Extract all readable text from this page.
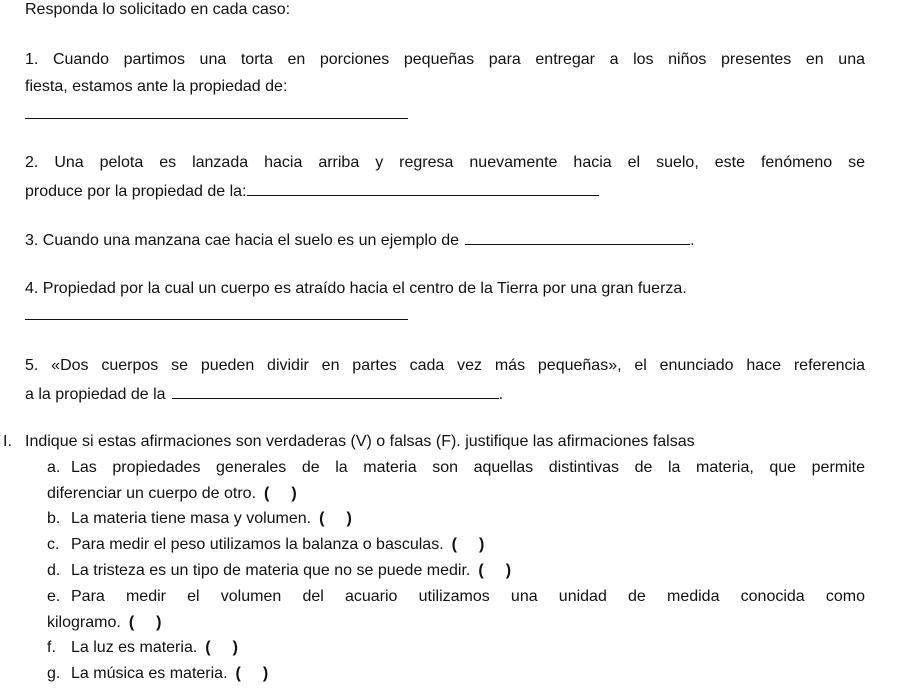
Responda lo solicitado en cada caso:
1. Cuando partimos una torta en porciones pequeñas para entregar a los niños presentes en una
fiesta, estamos ante la propiedad de:
2. Una pelota es lanzada hacia arriba y regresa nuevamente hacia el suelo, este fenómeno se
produce por la propiedad de la:
3. Cuando una manzana cae hacia el suelo es un ejemplo de	.
4. Propiedad por la cual un cuerpo es atraído hacia el centro de la Tierra por una gran fuerza.
5. «Dos cuerpos se pueden dividir en partes cada vez más pequeñas», el enunciado hace referencia
a la propiedad de la	.
I. Indique si estas afirmaciones son verdaderas (V) o falsas (F). justifique las afirmaciones falsas
a. Las propiedades generales de la materia son aquellas distintivas de la materia, que permite
diferenciar un cuerpo de otro. ( )
b. La materia tiene masa y volumen. ( )
c. Para medir el peso utilizamos la balanza o basculas. ( )
d. La tristeza es un tipo de materia que no se puede medir. ( )
e. Para medir el volumen del acuario utilizamos una unidad de medida conocida como
kilogramo. ( )
f. La luz es materia. ( )
g. La música es materia. ( )
